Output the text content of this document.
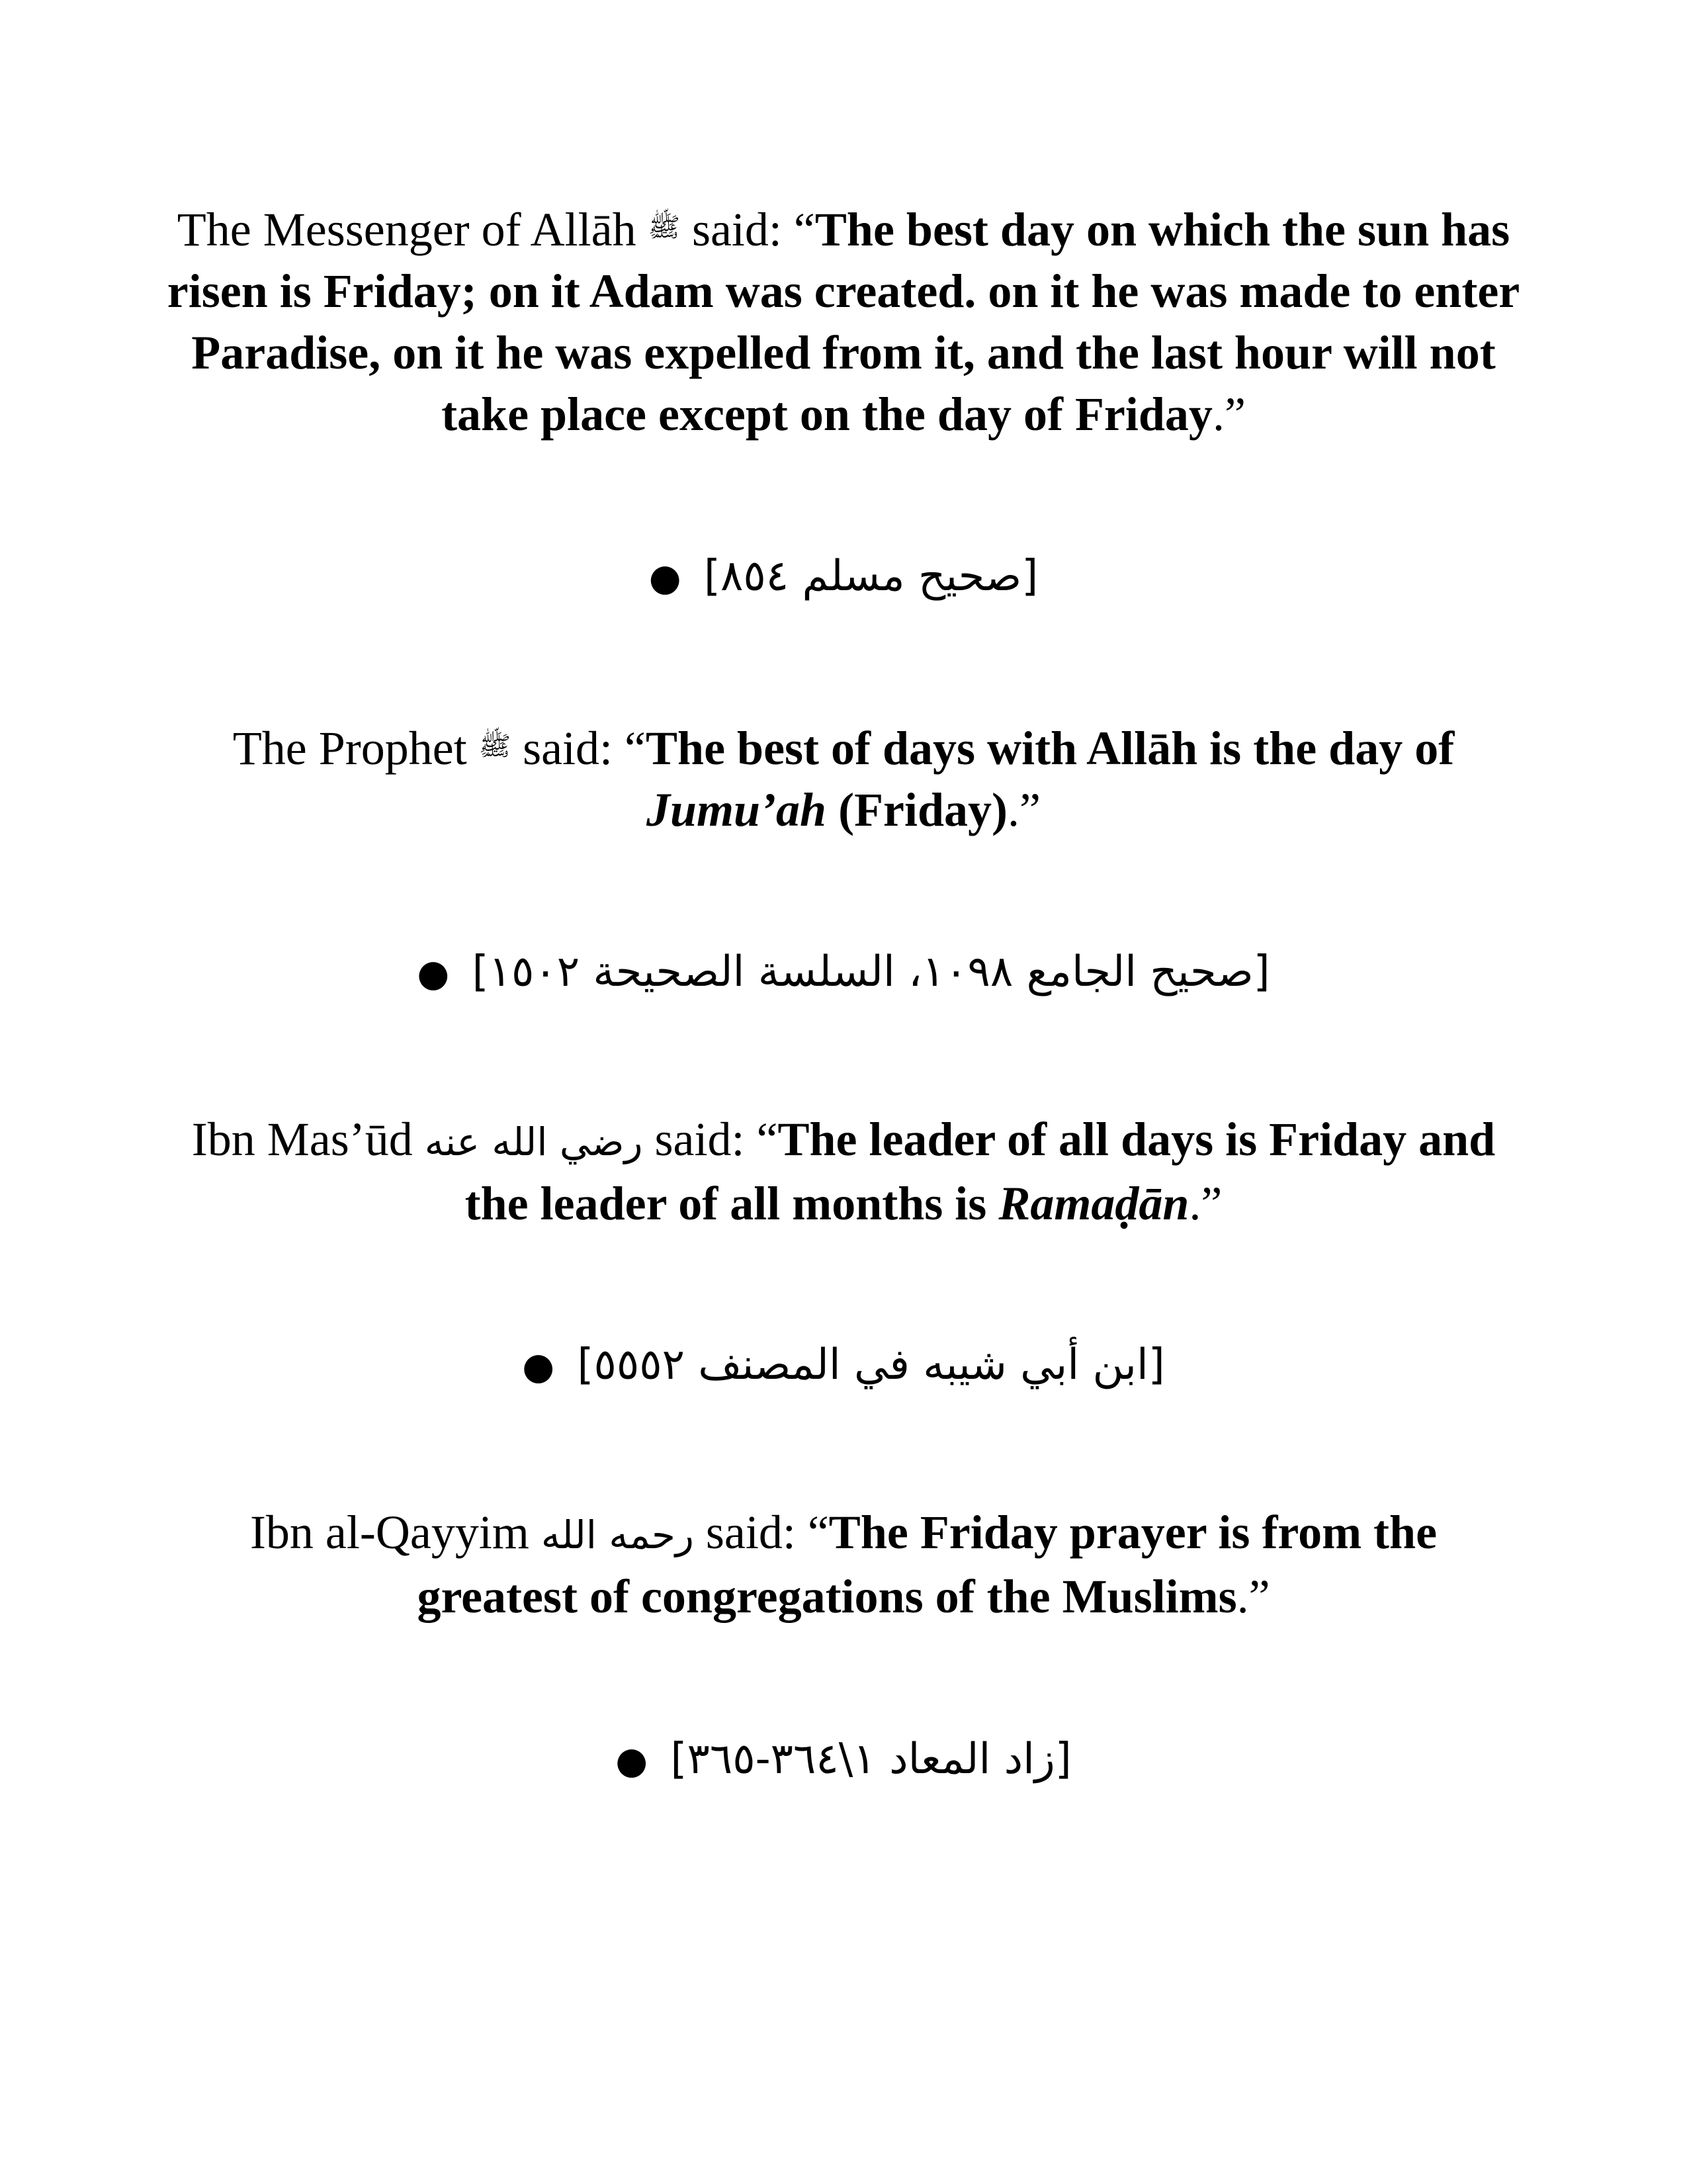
The Messenger of Allāh ﷺ said: “The best day on which the sun has risen is Friday; on it Adam was created. on it he was made to enter Paradise, on it he was expelled from it, and the last hour will not take place except on the day of Friday.”
● [صحيح مسلم ٨٥٤]
The Prophet ﷺ said: “The best of days with Allāh is the day of
Jumu’ah (Friday).”
● [صحيح الجامع ١٠٩٨، السلسة الصحيحة ١٥٠٢]
Ibn Mas’ūd رضي الله عنه said: “The leader of all days is Friday and the leader of all months is Ramaḍān.”
● [ابن أبي شيبه في المصنف ٥٥٥٢]
Ibn al-Qayyim رحمه الله said: “The Friday prayer is from the greatest of congregations of the Muslims.”
● [زاد المعاد ١\٣٦٤-٣٦٥]
